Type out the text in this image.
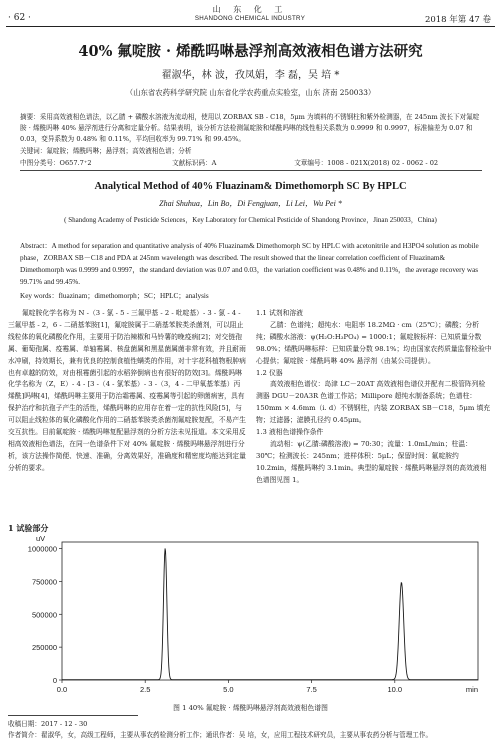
· 62 ·
山 东 化 工
SHANDONG CHEMICAL INDUSTRY	2018 年第 47 卷
40% 氟啶胺 · 烯酰吗啉悬浮剂高效液相色谱方法研究
翟淑华，林 波，孜凤娟，李 磊，吴 培 *
（山东省农药科学研究院 山东省化学农药重点实验室，山东 济南 250033）
摘要：采用高效液相色谱法，以乙腈 + 磷酸水溶液为流动相，使用以 ZORBAX SB - C18，5μm 为填料的不锈钢柱和紫外检测器，在 245nm 波长下对氟啶胺 · 烯酰吗啉 40% 悬浮剂进行分离和定量分析。结果表明，该分析方法检测氟啶胺和烯酰吗啉的线性相关系数为 0.9999 和 0.9997，标准偏差为 0.07 和 0.03，变异系数为 0.48% 和 0.11%，平均回收率为 99.71% 和 99.45%。
关键词：氟啶胺；烯酰吗啉；悬浮剂；高效液相色谱；分析
中图分类号：O657.7⁺2	文献标识码：A	文章编号：1008 - 021X(2018) 02 - 0062 - 02
Analytical Method of 40% Fluazinam& Dimethomorph SC By HPLC
Zhai Shuhua，Lin Bo，Di Fengjuan，Li Lei，Wu Pei *
( Shandong Academy of Pesticide Sciences，Key Laboratory for Chemical Pesticide of Shandong Province，Jinan 250033，China)
Abstract：A method for separation and quantitative analysis of 40% Fluazinam& Dimethomorph SC by HPLC with acetonitrile and H3PO4 solution as mobile phase，ZORBAX SB－C18 and PDA at 245nm wavelength was described. The result showed that the linear correlation coefficient of Fluazinam& Dimethomorph was 0.9999 and 0.9997，the standard deviation was 0.07 and 0.03，the variation coefficient was 0.48% and 0.11%，the average recovery was 99.71% and 99.45%.
Key words：fluazinam；dimethomorph；SC；HPLC；analysis
氟啶胺化学名称为 N -（3 - 氯 - 5 - 三氟甲基 - 2 - 吡啶基）- 3 - 氯 - 4 - 三氟甲基 - 2，6 - 二硝基苯胺[1]，氟啶胺属于二硝基苯胺类杀菌剂，可以阻止线粒体的氧化磷酸化作用，主要用于防治辣椒和马铃薯的晚疫病[2]；对交链孢属、葡萄孢属、疫霉属、单轴霉属、核盘菌属和黑星菌属菌非常有效，并且耐雨水冲刷，持效期长，兼有优良的控制食植性螨类的作用，对十字花科植物根肿病也有卓越的防效，对由根霉菌引起的水稻猝倒病也有很好的防效[3]。烯酰吗啉化学名称为（Z，E）- 4 - [3 -（4 - 氯苯基）- 3 -（3，4 - 二甲氧基苯基）丙烯酰]吗啉[4]，烯酰吗啉主要用于防治霜霉属、疫霉属等引起的卵菌病害，具有保护治疗和抗孢子产生的活性，烯酰吗啉的应用存在着一定的抗性风险[5]，与可以阻止线粒体的氧化磷酸化作用的二硝基苯胺类杀菌剂氟啶胺复配，不易产生交互抗性。目前氟啶胺 · 烯酰吗啉复配悬浮剂的分析方法未见报道。本文采用反相高效液相色谱法，在同一色谱条件下对 40% 氟啶胺 · 烯酰吗啉悬浮剂进行分析，该方法操作简便、快速、准确，分离效果好，准确度和精密度均能达到定量分析的要求。
1 试验部分

1.1 试剂和溶液

乙腈：色谱纯；超纯水：电阻率 18.2MΩ · cm（25℃）；磷酸；分析纯；磷酸水溶液：ψ(H₂O:H₃PO₄) = 1000:1；氟啶胺标样：已知质量分数 98.0%；烯酰吗啉标样：已知质量分数 98.1%；均由国家农药质量监督检验中心提供；氟啶胺 · 烯酰吗啉 40% 悬浮剂（由某公司提供）。

1.2 仪器

高效液相色谱仪：岛津 LC－20AT 高效液相色谱仪并配有二极管阵列检测器 DGU－20A3R 色谱工作站；Millipore 超纯水制备系统；色谱柱：150mm × 4.6mm（i. d）不锈钢柱，内装 ZORBAX SB－C18，5μm 填充物；过滤器；滤膜孔径约 0.45μm。

1.3 液相色谱操作条件

流动相：ψ(乙腈:磷酸溶液) = 70:30；流量：1.0mL/min；柱温：30℃；检测波长：245nm；进样体积：5μL；保留时间：氟啶胺约 10.2min，烯酰吗啉约 3.1min。典型的氟啶胺 · 烯酰吗啉悬浮剂的高效液相色谱图见图 1。

0
250000
500000
750000
1000000
0.0	2.5	5.0	7.5	10.0
uV
min
图 1 40% 氟啶胺 · 烯酰吗啉悬浮剂高效液相色谱图
收稿日期：2017 - 12 - 30
作者简介：翟淑华，女，高级工程师，主要从事农药检测分析工作；通讯作者：吴 培，女，应用工程技术研究员，主要从事农药分析与管理工作。
